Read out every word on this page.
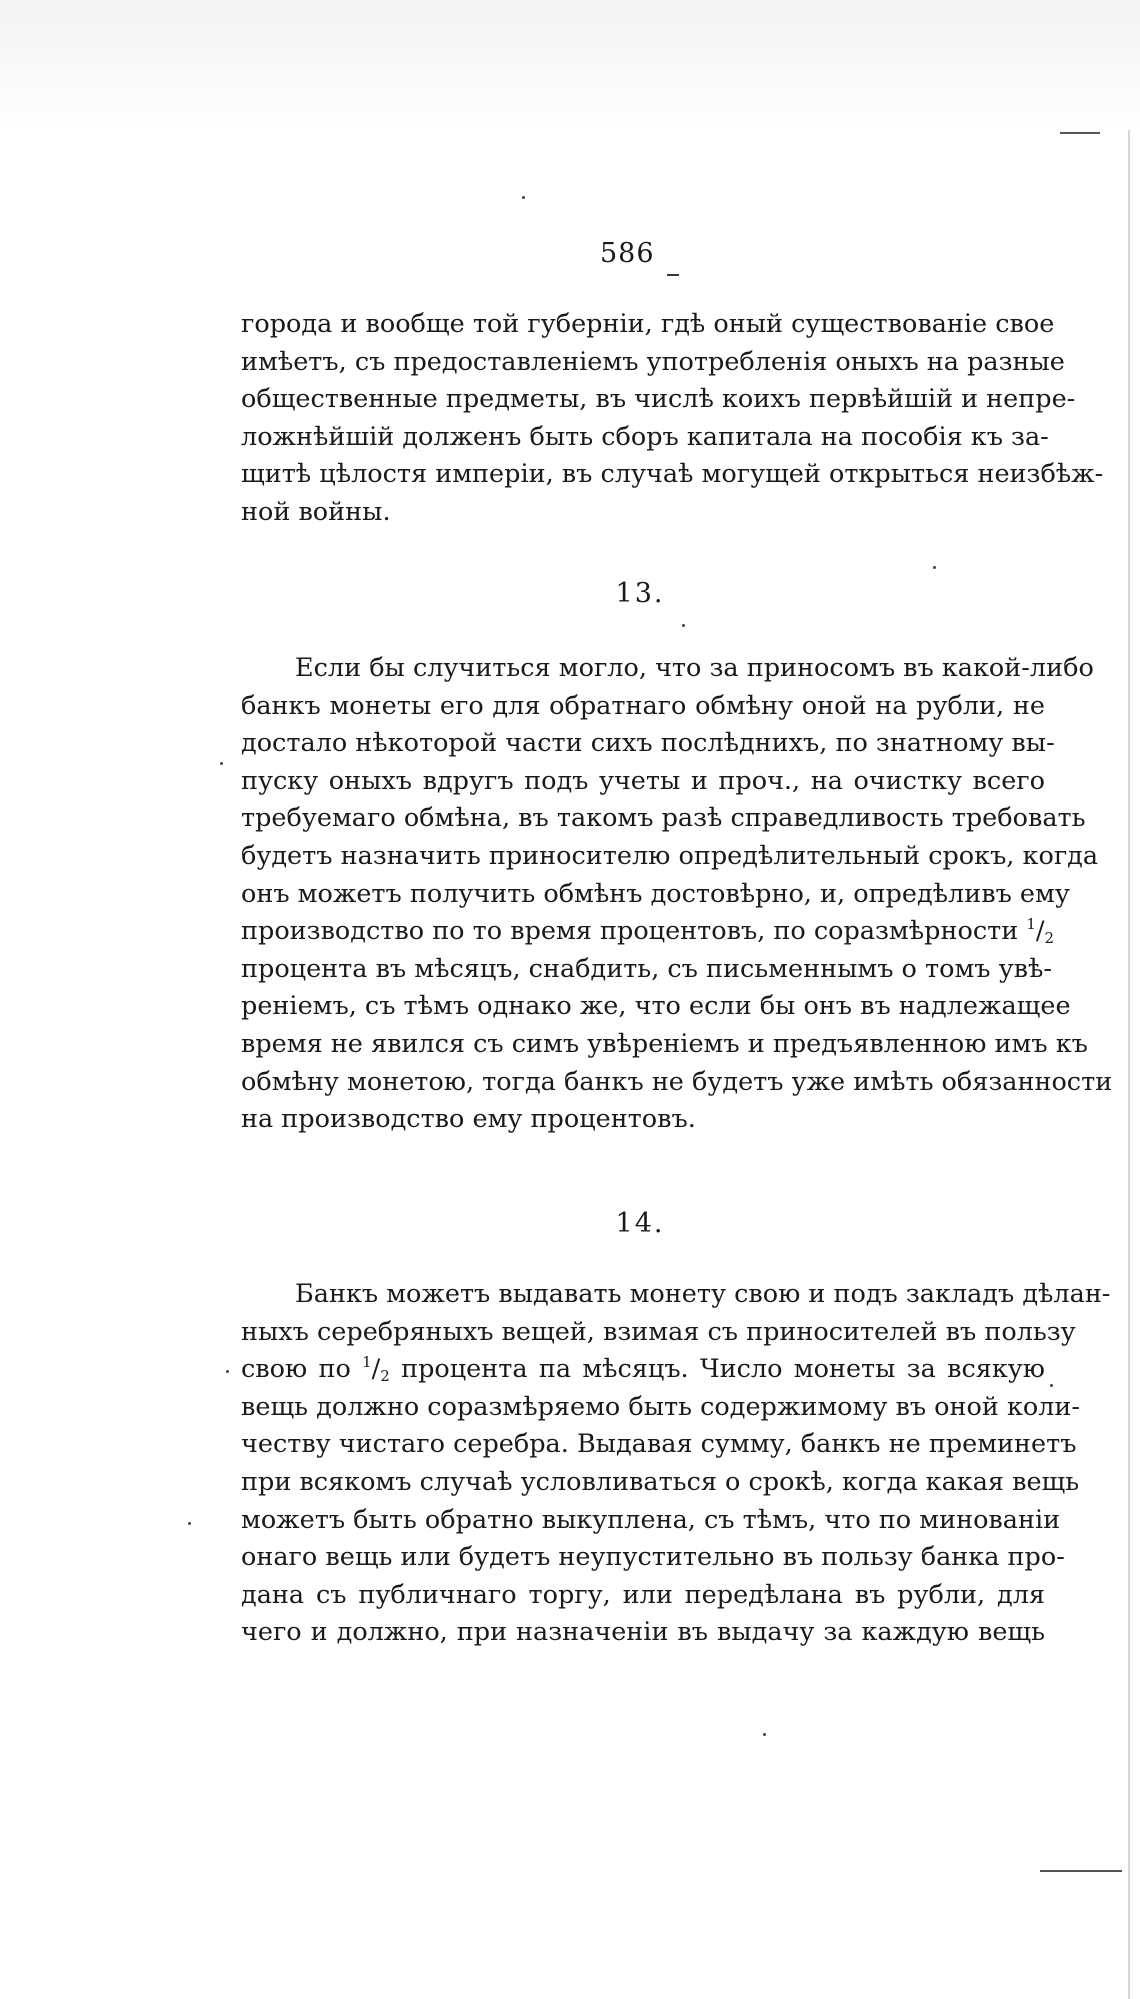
586
города и вообще той губерніи, гдѣ оный существованіе свое
имѣетъ, съ предоставленіемъ употребленія оныхъ на разные
общественные предметы, въ числѣ коихъ первѣйшій и непре-
ложнѣйшій долженъ быть сборъ капитала на пособія къ за-
щитѣ цѣлостя имперіи, въ случаѣ могущей открыться неизбѣж-
ной войны.
13.
Если бы случиться могло, что за приносомъ въ какой-либо
банкъ монеты его для обратнаго обмѣну оной на рубли, не
достало нѣкоторой части сихъ послѣднихъ, по знатному вы-
пуску оныхъ вдругъ подъ учеты и проч., на очистку всего
требуемаго обмѣна, въ такомъ разѣ справедливость требовать
будетъ назначить приносителю опредѣлительный срокъ, когда
онъ можетъ получить обмѣнъ достовѣрно, и, опредѣливъ ему
производство по то время процентовъ, по соразмѣрности $^1/_2$
процента въ мѣсяцъ, снабдить, съ письменнымъ о томъ увѣ-
реніемъ, съ тѣмъ однако же, что если бы онъ въ надлежащее
время не явился съ симъ увѣреніемъ и предъявленною имъ къ
обмѣну монетою, тогда банкъ не будетъ уже имѣть обязанности
на производство ему процентовъ.
14.
Банкъ можетъ выдавать монету свою и подъ закладъ дѣлан-
ныхъ серебряныхъ вещей, взимая съ приносителей въ пользу
свою по $^1/_2$ процента па мѣсяцъ. Число монеты за всякую
вещь должно соразмѣряемо быть содержимому въ оной коли-
честву чистаго серебра. Выдавая сумму, банкъ не преминетъ
при всякомъ случаѣ условливаться о срокѣ, когда какая вещь
можетъ быть обратно выкуплена, съ тѣмъ, что по минованіи
онаго вещь или будетъ неупустительно въ пользу банка про-
дана съ публичнаго торгу, или передѣлана въ рубли, для
чего и должно, при назначеніи въ выдачу за каждую вещь
